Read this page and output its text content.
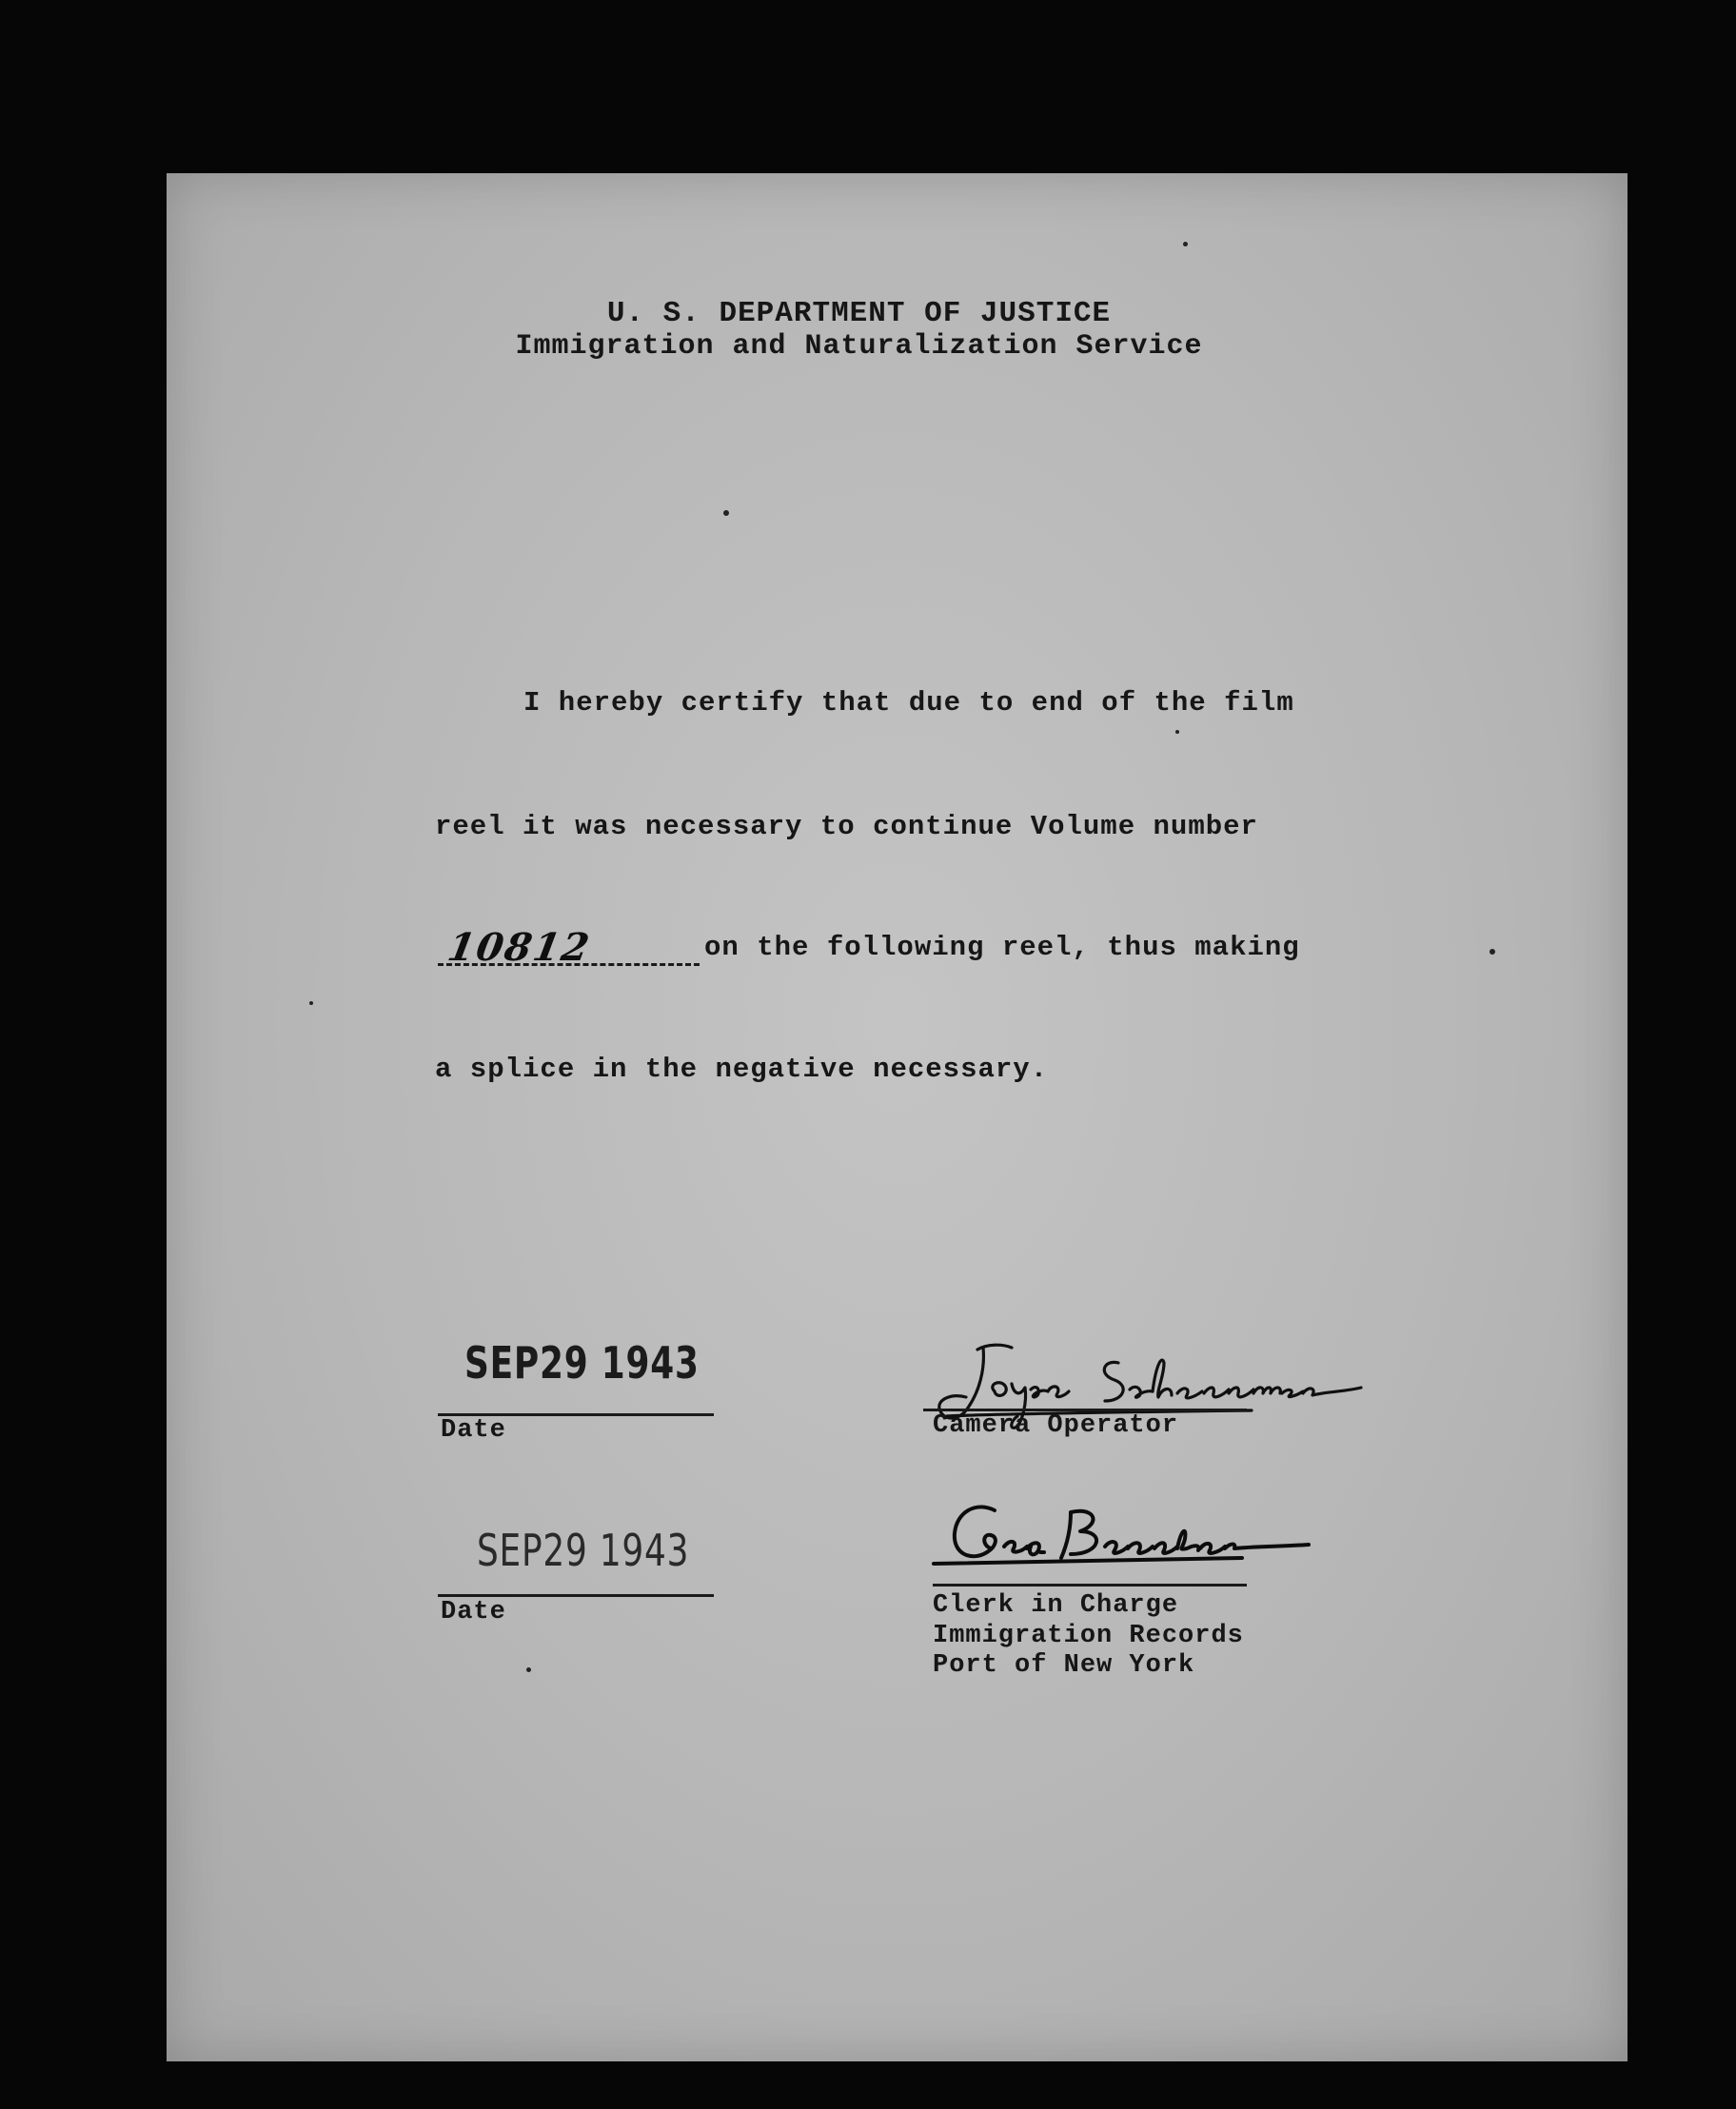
U. S. DEPARTMENT OF JUSTICE
Immigration and Naturalization Service
I hereby certify that due to end of the film
reel it was necessary to continue Volume number
10812	on the following reel, thus making
a splice in the negative necessary.
SEP29 1943
Date
SEP29 1943
Date
Camera Operator
Clerk in Charge
Immigration Records
Port of New York
